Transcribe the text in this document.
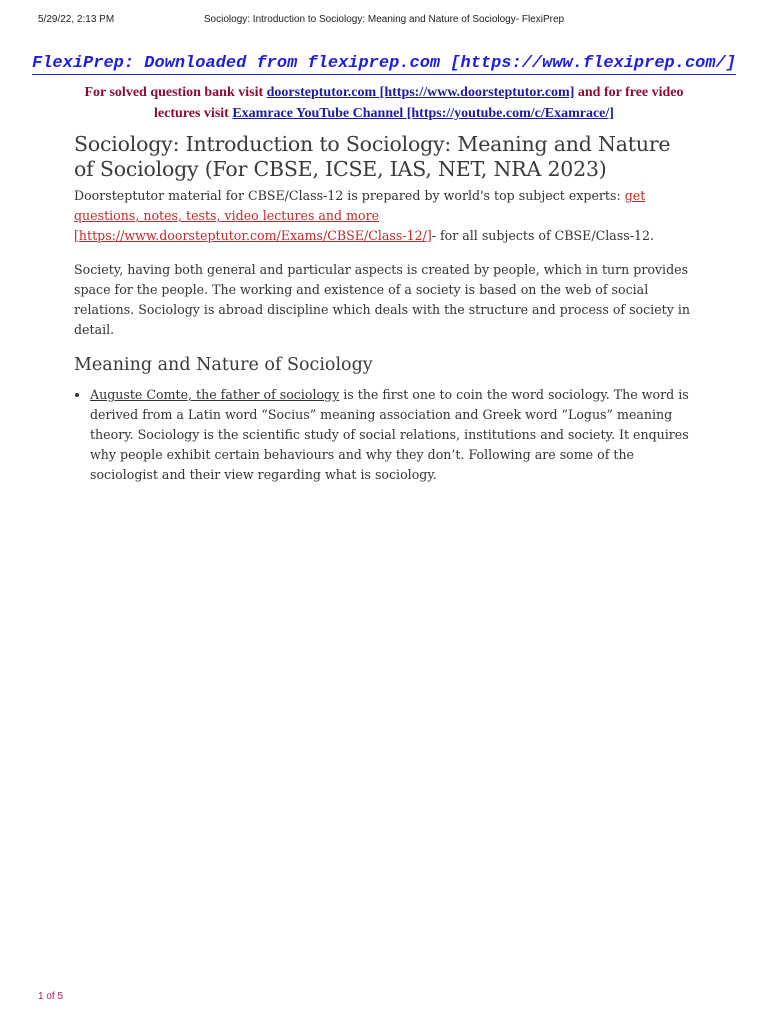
5/29/22, 2:13 PM	Sociology: Introduction to Sociology: Meaning and Nature of Sociology- FlexiPrep
FlexiPrep: Downloaded from flexiprep.com [https://www.flexiprep.com/]
For solved question bank visit doorsteptutor.com [https://www.doorsteptutor.com] and for free video lectures visit Examrace YouTube Channel [https://youtube.com/c/Examrace/]
Sociology: Introduction to Sociology: Meaning and Nature of Sociology (For CBSE, ICSE, IAS, NET, NRA 2023)

Doorsteptutor material for CBSE/Class-12 is prepared by world's top subject experts: get questions, notes, tests, video lectures and more [https://www.doorsteptutor.com/Exams/CBSE/Class-12/]- for all subjects of CBSE/Class-12.

Society, having both general and particular aspects is created by people, which in turn provides space for the people. The working and existence of a society is based on the web of social relations. Sociology is abroad discipline which deals with the structure and process of society in detail.

Meaning and Nature of Sociology
• Auguste Comte, the father of sociology is the first one to coin the word sociology. The word is derived from a Latin word “Socius” meaning association and Greek word “Logus” meaning theory. Sociology is the scientific study of social relations, institutions and society. It enquires why people exhibit certain behaviours and why they don’t. Following are some of the sociologist and their view regarding what is sociology.
1 of 5
